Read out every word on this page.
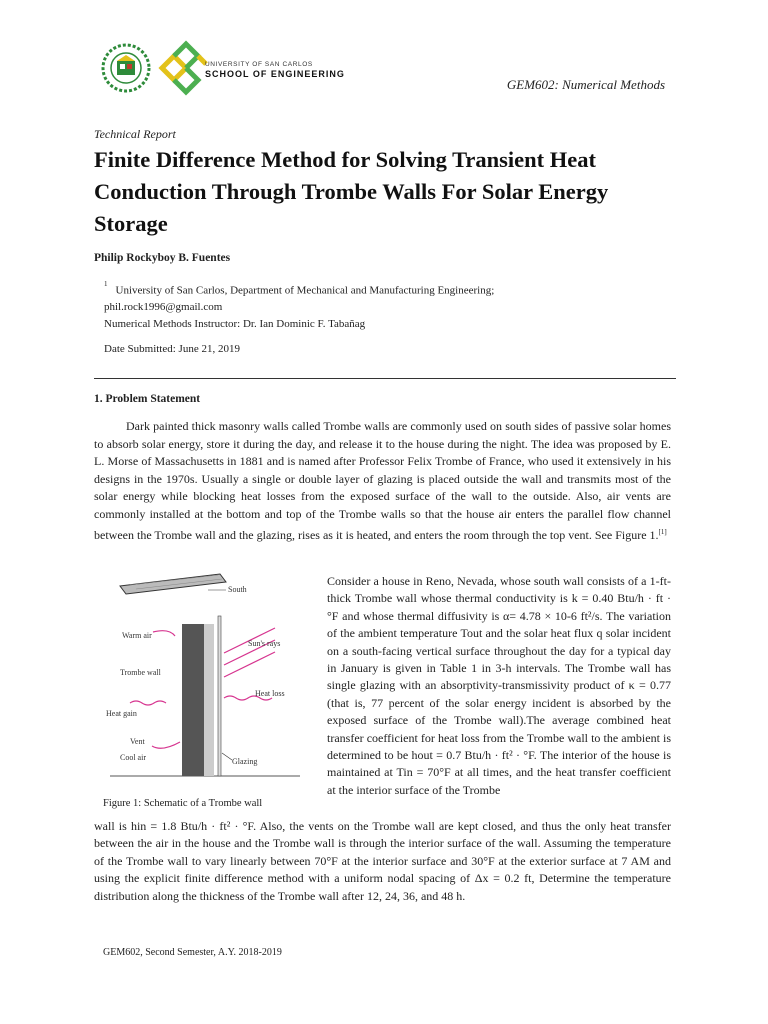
UNIVERSITY OF SAN CARLOS
SCHOOL OF ENGINEERING
GEM602: Numerical Methods
Technical Report
Finite Difference Method for Solving Transient Heat Conduction Through Trombe Walls For Solar Energy Storage
Philip Rockyboy B. Fuentes
$^1$University of San Carlos, Department of Mechanical and Manufacturing Engineering;
phil.rock1996@gmail.com
Numerical Methods Instructor: Dr. Ian Dominic F. Tabañag
Date Submitted: June 21, 2019
1. Problem Statement
Dark painted thick masonry walls called Trombe walls are commonly used on south sides of passive solar homes to absorb solar energy, store it during the day, and release it to the house during the night. The idea was proposed by E. L. Morse of Massachusetts in 1881 and is named after Professor Felix Trombe of France, who used it extensively in his designs in the 1970s. Usually a single or double layer of glazing is placed outside the wall and transmits most of the solar energy while blocking heat losses from the exposed surface of the wall to the outside. Also, air vents are commonly installed at the bottom and top of the Trombe walls so that the house air enters the parallel flow channel between the Trombe wall and the glazing, rises as it is heated, and enters the room through the top vent. See Figure 1.[1]
South
Warm air
Sun's rays
Trombe wall
Heat loss
Heat gain
Vent
Cool air	Glazing
Figure 1: Schematic of a Trombe wall
Consider a house in Reno, Nevada, whose south wall consists of a 1-ft-thick Trombe wall whose thermal conductivity is k = 0.40 Btu/h · ft · °F and whose thermal diffusivity is α= 4.78 × 10-6 ft²/s. The variation of the ambient temperature Tout and the solar heat flux q solar incident on a south-facing vertical surface throughout the day for a typical day in January is given in Table 1 in 3-h intervals. The Trombe wall has single glazing with an absorptivity-transmissivity product of κ = 0.77 (that is, 77 percent of the solar energy incident is absorbed by the exposed surface of the Trombe wall).The average combined heat transfer coefficient for heat loss from the Trombe wall to the ambient is determined to be hout = 0.7 Btu/h · ft² · °F. The interior of the house is maintained at Tin = 70°F at all times, and the heat transfer coefficient at the interior surface of the Trombe
wall is hin = 1.8 Btu/h · ft² · °F. Also, the vents on the Trombe wall are kept closed, and thus the only heat transfer between the air in the house and the Trombe wall is through the interior surface of the wall. Assuming the temperature of the Trombe wall to vary linearly between 70°F at the interior surface and 30°F at the exterior surface at 7 AM and using the explicit finite difference method with a uniform nodal spacing of Δx = 0.2 ft, Determine the temperature distribution along the thickness of the Trombe wall after 12, 24, 36, and 48 h.
GEM602, Second Semester, A.Y. 2018-2019
